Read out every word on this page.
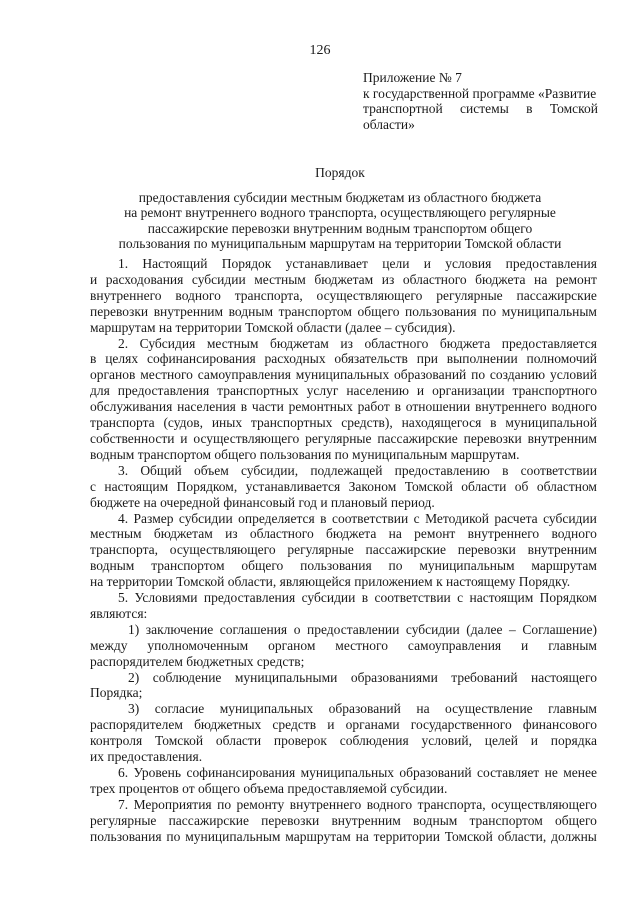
126
Приложение № 7
к государственной программе «Развитие
транспортной системы в Томской
области»
Порядок
предоставления субсидии местным бюджетам из областного бюджета
на ремонт внутреннего водного транспорта, осуществляющего регулярные
пассажирские перевозки внутренним водным транспортом общего
пользования по муниципальным маршрутам на территории Томской области

1. Настоящий Порядок устанавливает цели и условия предоставления
и расходования субсидии местным бюджетам из областного бюджета на ремонт
внутреннего водного транспорта, осуществляющего регулярные пассажирские
перевозки внутренним водным транспортом общего пользования по муниципальным
маршрутам на территории Томской области (далее – субсидия).

2. Субсидия местным бюджетам из областного бюджета предоставляется
в целях софинансирования расходных обязательств при выполнении полномочий
органов местного самоуправления муниципальных образований по созданию условий
для предоставления транспортных услуг населению и организации транспортного
обслуживания населения в части ремонтных работ в отношении внутреннего водного
транспорта (судов, иных транспортных средств), находящегося в муниципальной
собственности и осуществляющего регулярные пассажирские перевозки внутренним
водным транспортом общего пользования по муниципальным маршрутам.

3. Общий объем субсидии, подлежащей предоставлению в соответствии
с настоящим Порядком, устанавливается Законом Томской области об областном
бюджете на очередной финансовый год и плановый период.

4. Размер субсидии определяется в соответствии с Методикой расчета субсидии
местным бюджетам из областного бюджета на ремонт внутреннего водного
транспорта, осуществляющего регулярные пассажирские перевозки внутренним
водным транспортом общего пользования по муниципальным маршрутам
на территории Томской области, являющейся приложением к настоящему Порядку.

5. Условиями предоставления субсидии в соответствии с настоящим Порядком
являются:

1) заключение соглашения о предоставлении субсидии (далее – Соглашение)
между уполномоченным органом местного самоуправления и главным
распорядителем бюджетных средств;

2) соблюдение муниципальными образованиями требований настоящего
Порядка;

3) согласие муниципальных образований на осуществление главным
распорядителем бюджетных средств и органами государственного финансового
контроля Томской области проверок соблюдения условий, целей и порядка
их предоставления.

6. Уровень софинансирования муниципальных образований составляет не менее
трех процентов от общего объема предоставляемой субсидии.

7. Мероприятия по ремонту внутреннего водного транспорта, осуществляющего
регулярные пассажирские перевозки внутренним водным транспортом общего
пользования по муниципальным маршрутам на территории Томской области, должны
